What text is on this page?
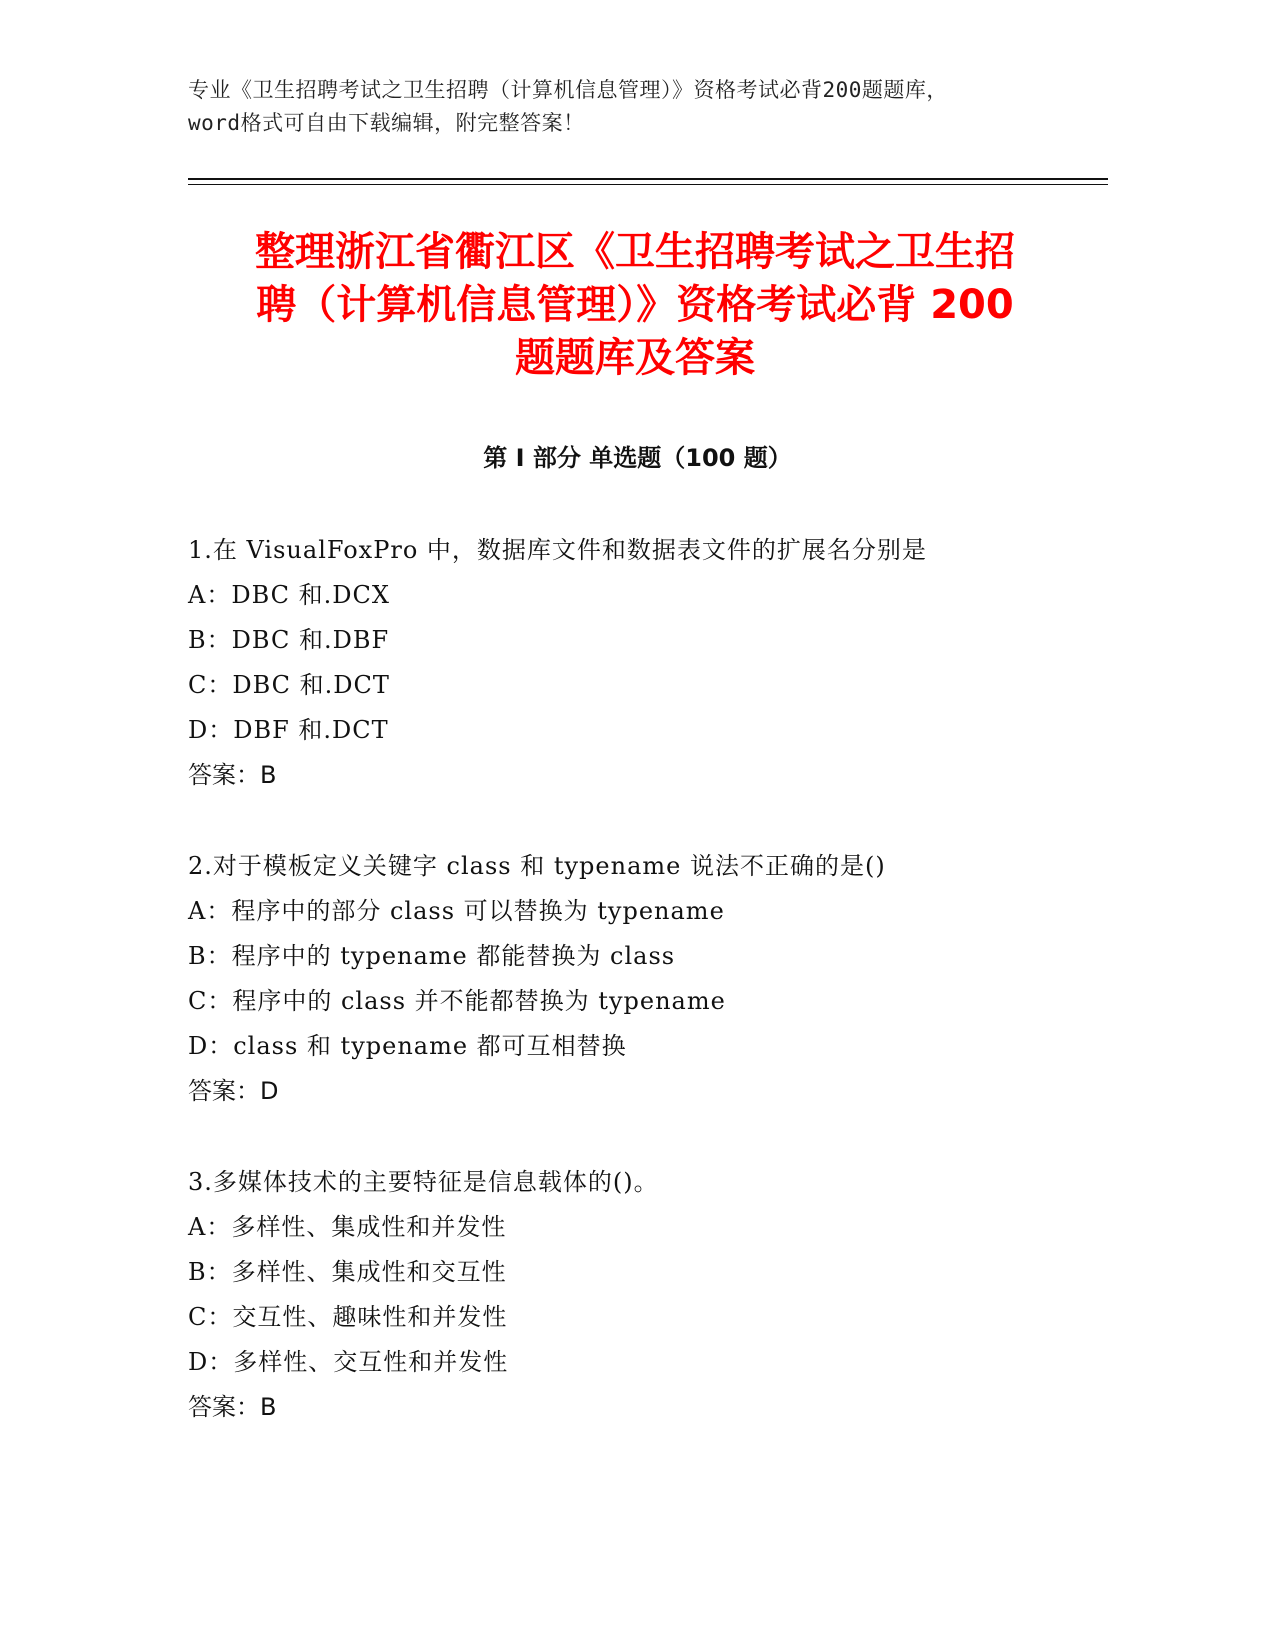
专业《卫生招聘考试之卫生招聘（计算机信息管理）》资格考试必背200题题库，
word格式可自由下载编辑，附完整答案！
整理浙江省衢江区《卫生招聘考试之卫生招
聘（计算机信息管理）》资格考试必背 200
题题库及答案
第 I 部分 单选题（100 题）
1.在 VisualFoxPro 中，数据库文件和数据表文件的扩展名分别是
A：DBC 和.DCX
B：DBC 和.DBF
C：DBC 和.DCT
D：DBF 和.DCT
答案：B
2.对于模板定义关键字 class 和 typename 说法不正确的是()
A：程序中的部分 class 可以替换为 typename
B：程序中的 typename 都能替换为 class
C：程序中的 class 并不能都替换为 typename
D：class 和 typename 都可互相替换
答案：D
3.多媒体技术的主要特征是信息载体的()。
A：多样性、集成性和并发性
B：多样性、集成性和交互性
C：交互性、趣味性和并发性
D：多样性、交互性和并发性
答案：B
